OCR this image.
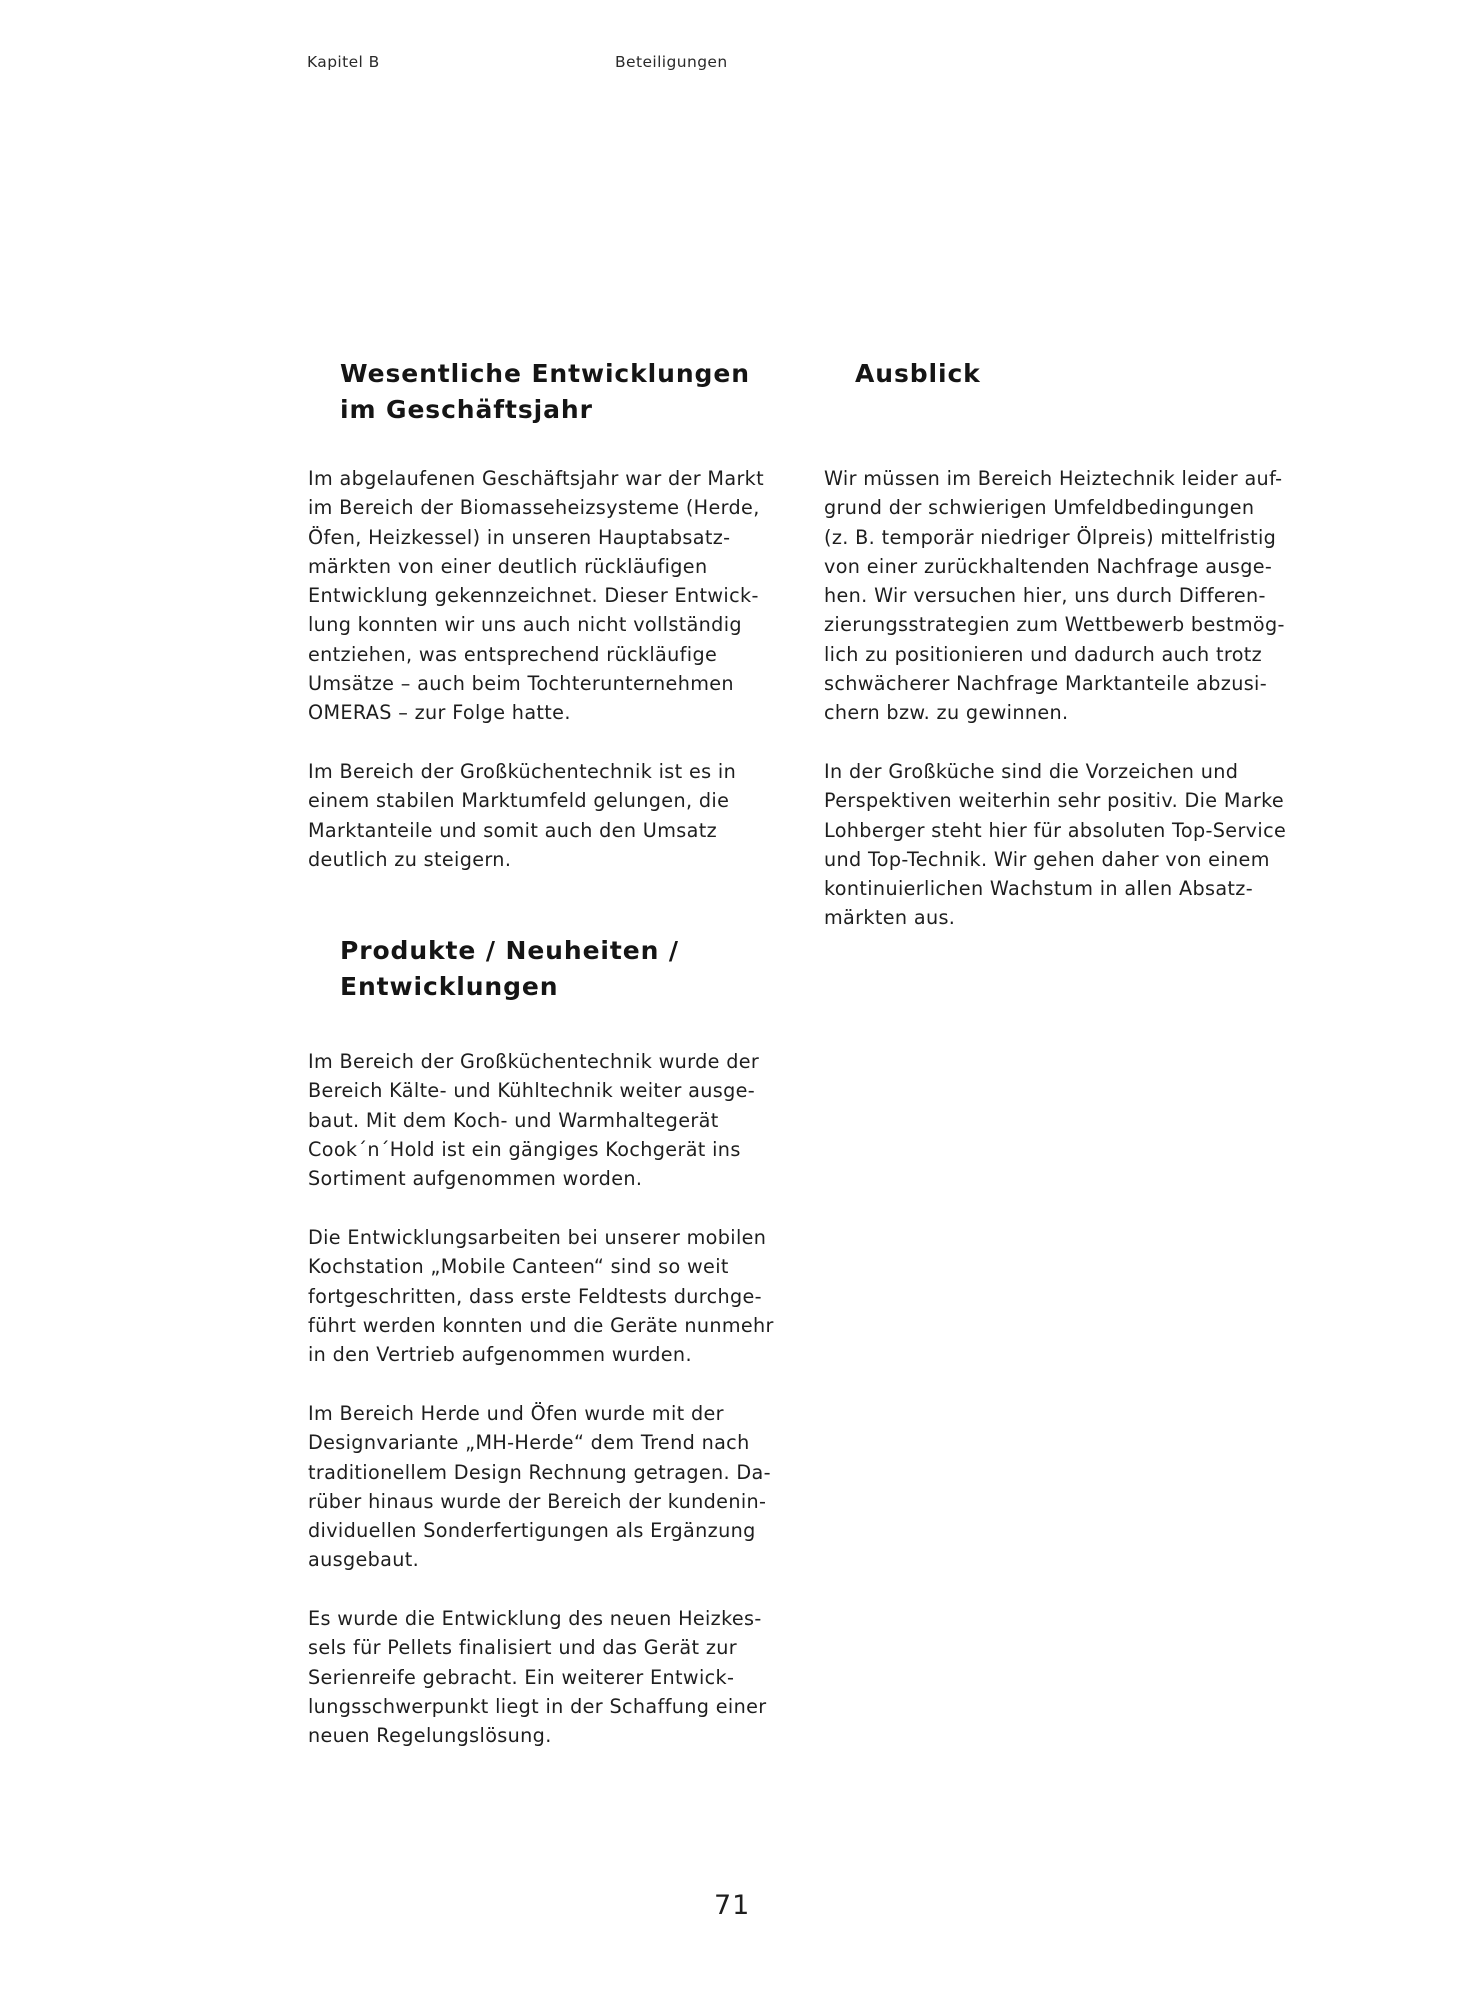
Kapitel B	Beteiligungen
Wesentliche Entwicklungen
im Geschäftsjahr

Im abgelaufenen Geschäftsjahr war der Markt
im Bereich der Biomasseheizsysteme (Herde,
Öfen, Heizkessel) in unseren Hauptabsatz-
märkten von einer deutlich rückläufigen
Entwicklung gekennzeichnet. Dieser Entwick-
lung konnten wir uns auch nicht vollständig
entziehen, was entsprechend rückläufige
Umsätze – auch beim Tochterunternehmen
OMERAS – zur Folge hatte.

Im Bereich der Großküchentechnik ist es in
einem stabilen Marktumfeld gelungen, die
Marktanteile und somit auch den Umsatz
deutlich zu steigern.

Produkte / Neuheiten /
Entwicklungen

Im Bereich der Großküchentechnik wurde der
Bereich Kälte- und Kühltechnik weiter ausge-
baut. Mit dem Koch- und Warmhaltegerät
Cook´n´Hold ist ein gängiges Kochgerät ins
Sortiment aufgenommen worden.

Die Entwicklungsarbeiten bei unserer mobilen
Kochstation „Mobile Canteen“ sind so weit
fortgeschritten, dass erste Feldtests durchge-
führt werden konnten und die Geräte nunmehr
in den Vertrieb aufgenommen wurden.

Im Bereich Herde und Öfen wurde mit der
Designvariante „MH-Herde“ dem Trend nach
traditionellem Design Rechnung getragen. Da-
rüber hinaus wurde der Bereich der kundenin-
dividuellen Sonderfertigungen als Ergänzung
ausgebaut.

Es wurde die Entwicklung des neuen Heizkes-
sels für Pellets finalisiert und das Gerät zur
Serienreife gebracht. Ein weiterer Entwick-
lungsschwerpunkt liegt in der Schaffung einer
neuen Regelungslösung.

Ausblick

Wir müssen im Bereich Heiztechnik leider auf-
grund der schwierigen Umfeldbedingungen
(z. B. temporär niedriger Ölpreis) mittelfristig
von einer zurückhaltenden Nachfrage ausge-
hen. Wir versuchen hier, uns durch Differen-
zierungsstrategien zum Wettbewerb bestmög-
lich zu positionieren und dadurch auch trotz
schwächerer Nachfrage Marktanteile abzusi-
chern bzw. zu gewinnen.

In der Großküche sind die Vorzeichen und
Perspektiven weiterhin sehr positiv. Die Marke
Lohberger steht hier für absoluten Top-Service
und Top-Technik. Wir gehen daher von einem
kontinuierlichen Wachstum in allen Absatz-
märkten aus.

71
